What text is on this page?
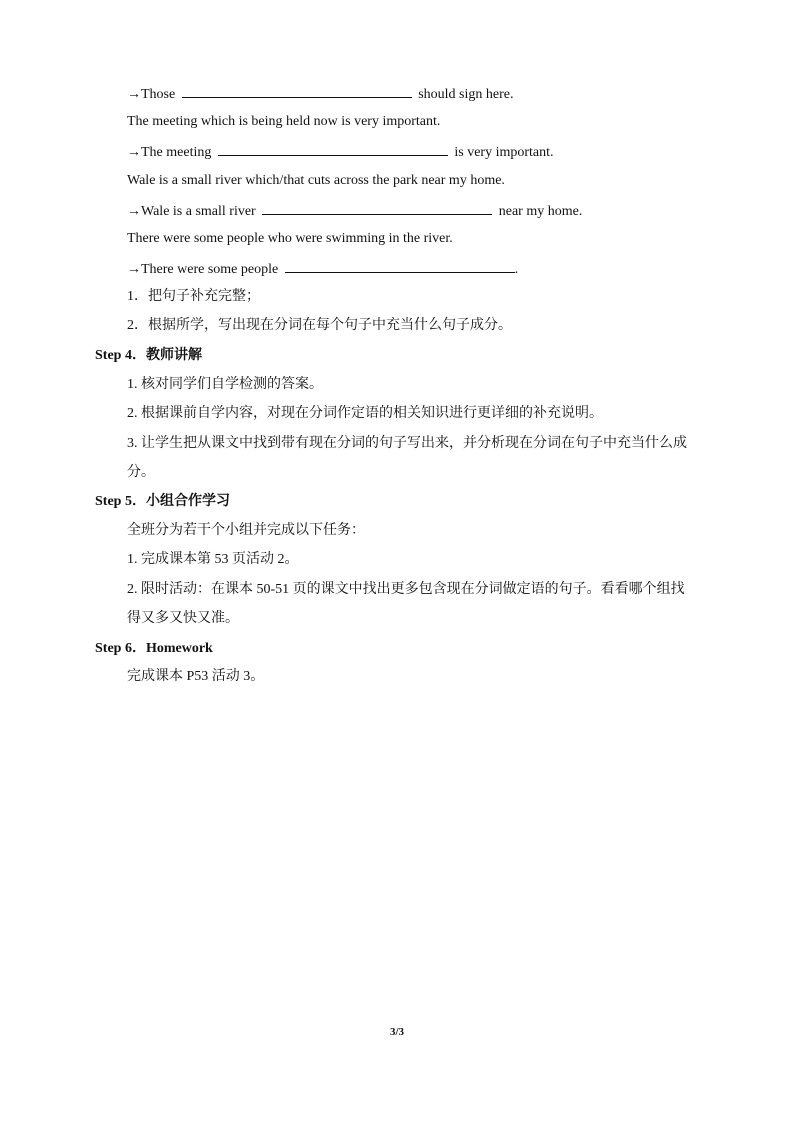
→Those	should sign here.
The meeting which is being held now is very important.
→The meeting	is very important.
Wale is a small river which/that cuts across the park near my home.
→Wale is a small river	near my home.
There were some people who were swimming in the river.
→There were some people	.
1．把句子补充完整；
2．根据所学，写出现在分词在每个句子中充当什么句子成分。
Step 4．教师讲解
1. 核对同学们自学检测的答案。
2. 根据课前自学内容，对现在分词作定语的相关知识进行更详细的补充说明。
3. 让学生把从课文中找到带有现在分词的句子写出来，并分析现在分词在句子中充当什么成分。
Step 5．小组合作学习
全班分为若干个小组并完成以下任务：
1. 完成课本第 53 页活动 2。
2. 限时活动：在课本 50-51 页的课文中找出更多包含现在分词做定语的句子。看看哪个组找得又多又快又准。
Step 6．Homework
完成课本 P53 活动 3。
3/3
